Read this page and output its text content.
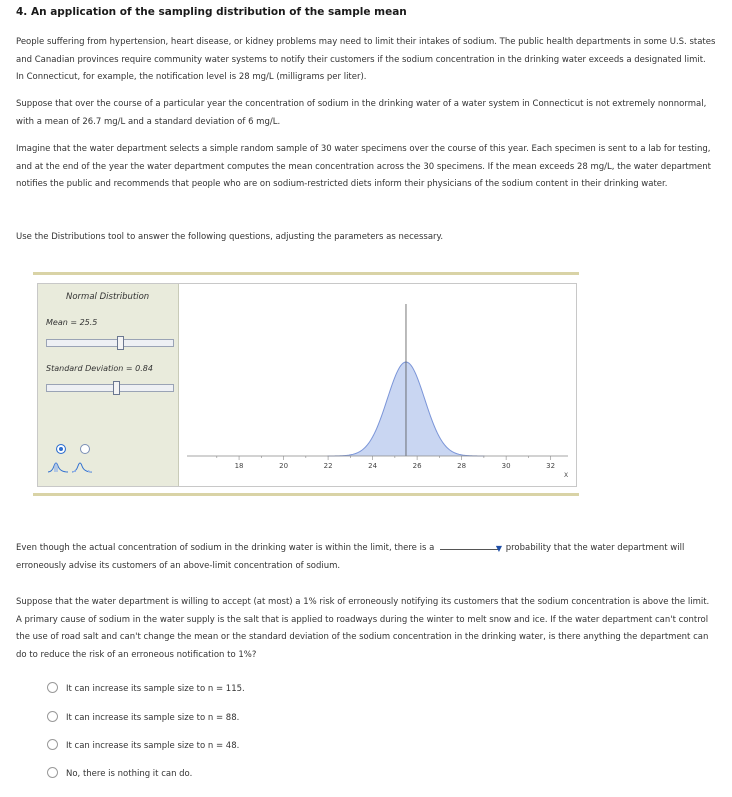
4. An application of the sampling distribution of the sample mean
People suffering from hypertension, heart disease, or kidney problems may need to limit their intakes of sodium. The public health departments in some U.S. states and Canadian provinces require community water systems to notify their customers if the sodium concentration in the drinking water exceeds a designated limit. In Connecticut, for example, the notification level is 28 mg/L (milligrams per liter).
Suppose that over the course of a particular year the concentration of sodium in the drinking water of a water system in Connecticut is not extremely nonnormal, with a mean of 26.7 mg/L and a standard deviation of 6 mg/L.
Imagine that the water department selects a simple random sample of 30 water specimens over the course of this year. Each specimen is sent to a lab for testing, and at the end of the year the water department computes the mean concentration across the 30 specimens. If the mean exceeds 28 mg/L, the water department notifies the public and recommends that people who are on sodium-restricted diets inform their physicians of the sodium content in their drinking water.
Use the Distributions tool to answer the following questions, adjusting the parameters as necessary.
Normal Distribution
Mean = 25.5
Standard Deviation = 0.84
18	20	22	24	26	28	30	32
X
Even though the actual concentration of sodium in the drinking water is within the limit, there is a	▼ probability that the water department will erroneously advise its customers of an above-limit concentration of sodium.
Suppose that the water department is willing to accept (at most) a 1% risk of erroneously notifying its customers that the sodium concentration is above the limit. A primary cause of sodium in the water supply is the salt that is applied to roadways during the winter to melt snow and ice. If the water department can't control the use of road salt and can't change the mean or the standard deviation of the sodium concentration in the drinking water, is there anything the department can do to reduce the risk of an erroneous notification to 1%?
It can increase its sample size to n = 115.
It can increase its sample size to n = 88.
It can increase its sample size to n = 48.
No, there is nothing it can do.
